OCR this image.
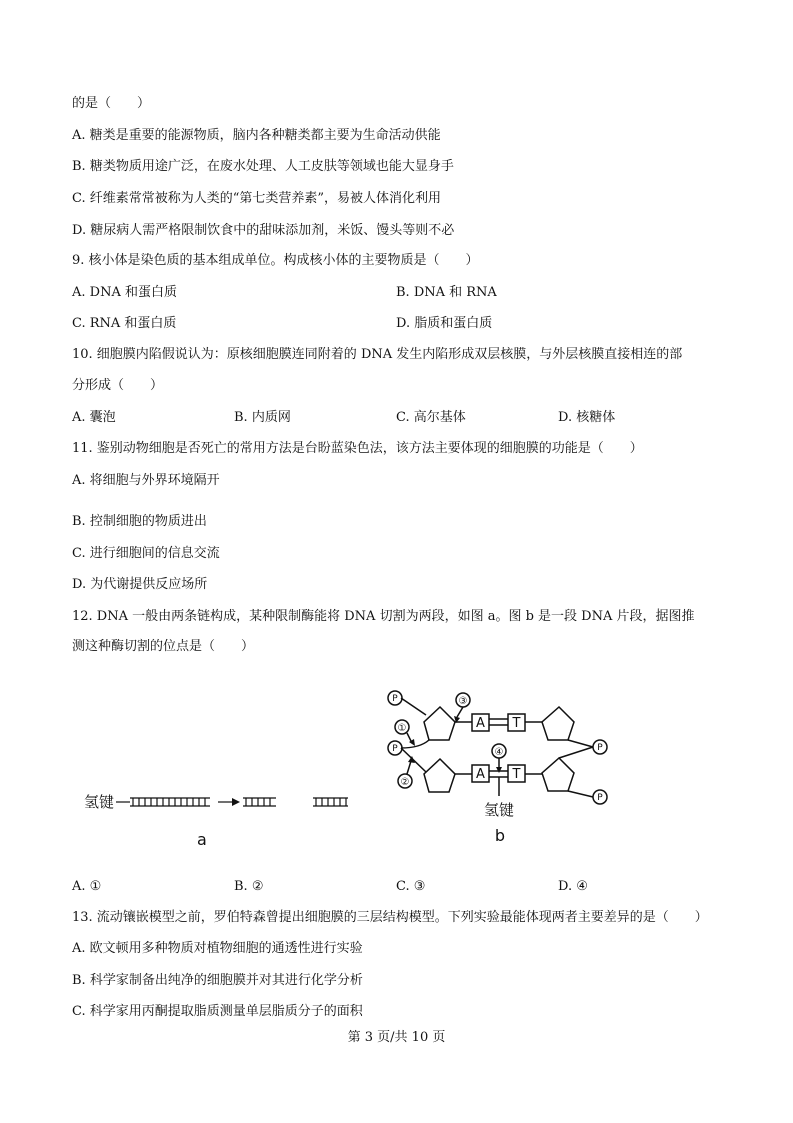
的是（　　）
A. 糖类是重要的能源物质，脑内各种糖类都主要为生命活动供能
B. 糖类物质用途广泛，在废水处理、人工皮肤等领域也能大显身手
C. 纤维素常常被称为人类的“第七类营养素”，易被人体消化利用
D. 糖尿病人需严格限制饮食中的甜味添加剂，米饭、馒头等则不必
9. 核小体是染色质的基本组成单位。构成核小体的主要物质是（　　）
A. DNA 和蛋白质	B. DNA 和 RNA
C. RNA 和蛋白质	D. 脂质和蛋白质
10. 细胞膜内陷假说认为：原核细胞膜连同附着的 DNA 发生内陷形成双层核膜，与外层核膜直接相连的部
分形成（　　）
A. 囊泡	B. 内质网	C. 高尔基体	D. 核糖体
11. 鉴别动物细胞是否死亡的常用方法是台盼蓝染色法，该方法主要体现的细胞膜的功能是（　　）
A. 将细胞与外界环境隔开
B. 控制细胞的物质进出
C. 进行细胞间的信息交流
D. 为代谢提供反应场所
12. DNA 一般由两条链构成，某种限制酶能将 DNA 切割为两段，如图 a。图 b 是一段 DNA 片段，据图推
测这种酶切割的位点是（　　）
氢键
a
P
P	P
P
①
②
③
④
A T
A T
氢键
b
A. ①	B. ②	C. ③	D. ④
13. 流动镶嵌模型之前，罗伯特森曾提出细胞膜的三层结构模型。下列实验最能体现两者主要差异的是（　　）
A. 欧文顿用多种物质对植物细胞的通透性进行实验
B. 科学家制备出纯净的细胞膜并对其进行化学分析
C. 科学家用丙酮提取脂质测量单层脂质分子的面积
第 3 页/共 10 页
